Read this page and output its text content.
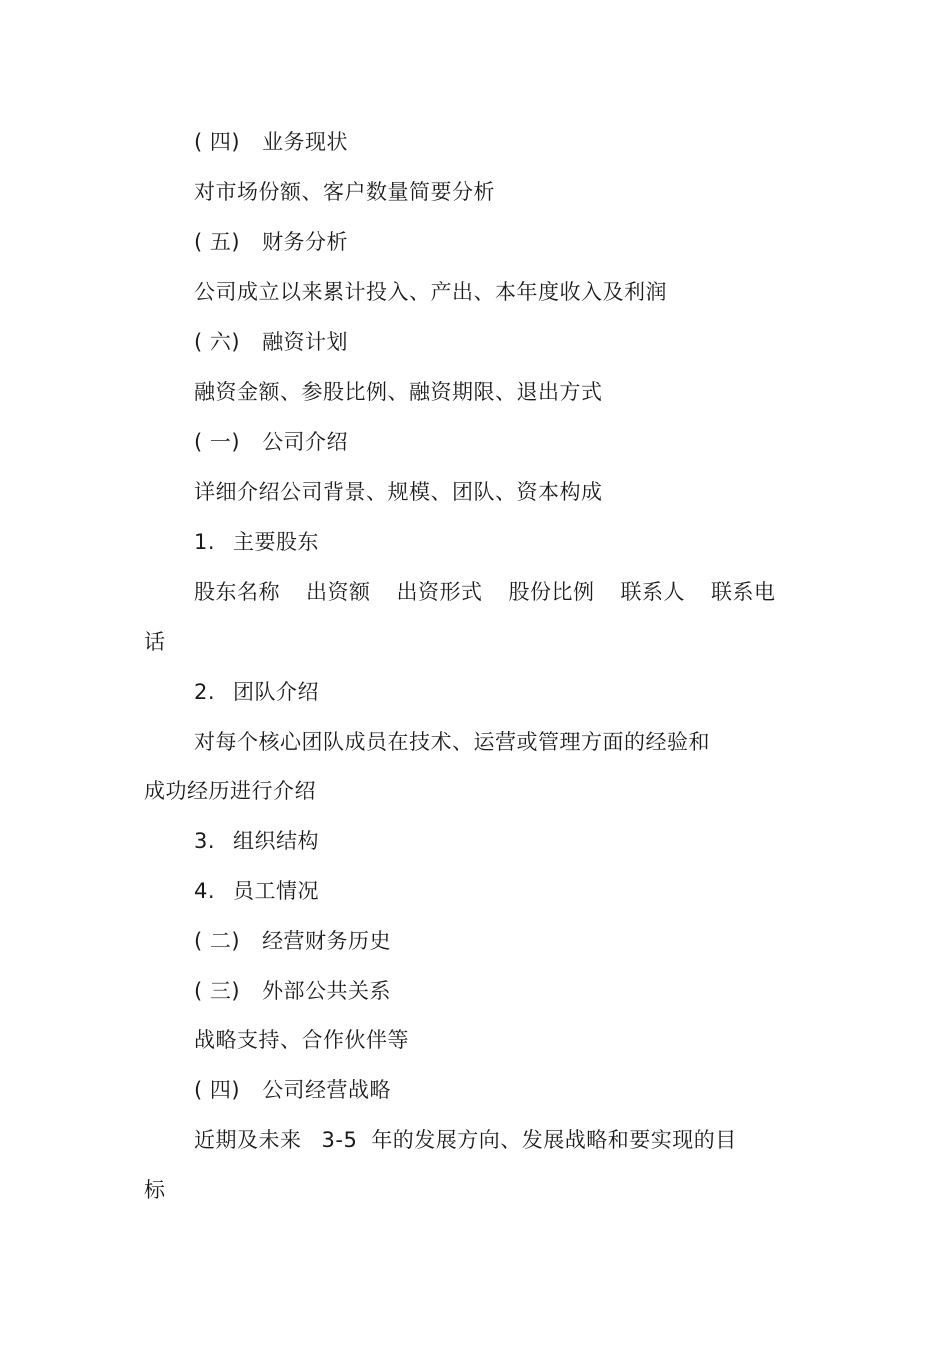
( 四) 业务现状
对市场份额、客户数量简要分析
( 五) 财务分析
公司成立以来累计投入、产出、本年度收入及利润
( 六) 融资计划
融资金额、参股比例、融资期限、退出方式
( 一) 公司介绍
详细介绍公司背景、规模、团队、资本构成
1. 主要股东
股东名称 出资额 出资形式 股份比例 联系人 联系电
话
2. 团队介绍
对每个核心团队成员在技术、运营或管理方面的经验和
成功经历进行介绍
3. 组织结构
4. 员工情况
( 二) 经营财务历史
( 三) 外部公共关系
战略支持、合作伙伴等
( 四) 公司经营战略
近期及未来 3-5 年的发展方向、发展战略和要实现的目
标
